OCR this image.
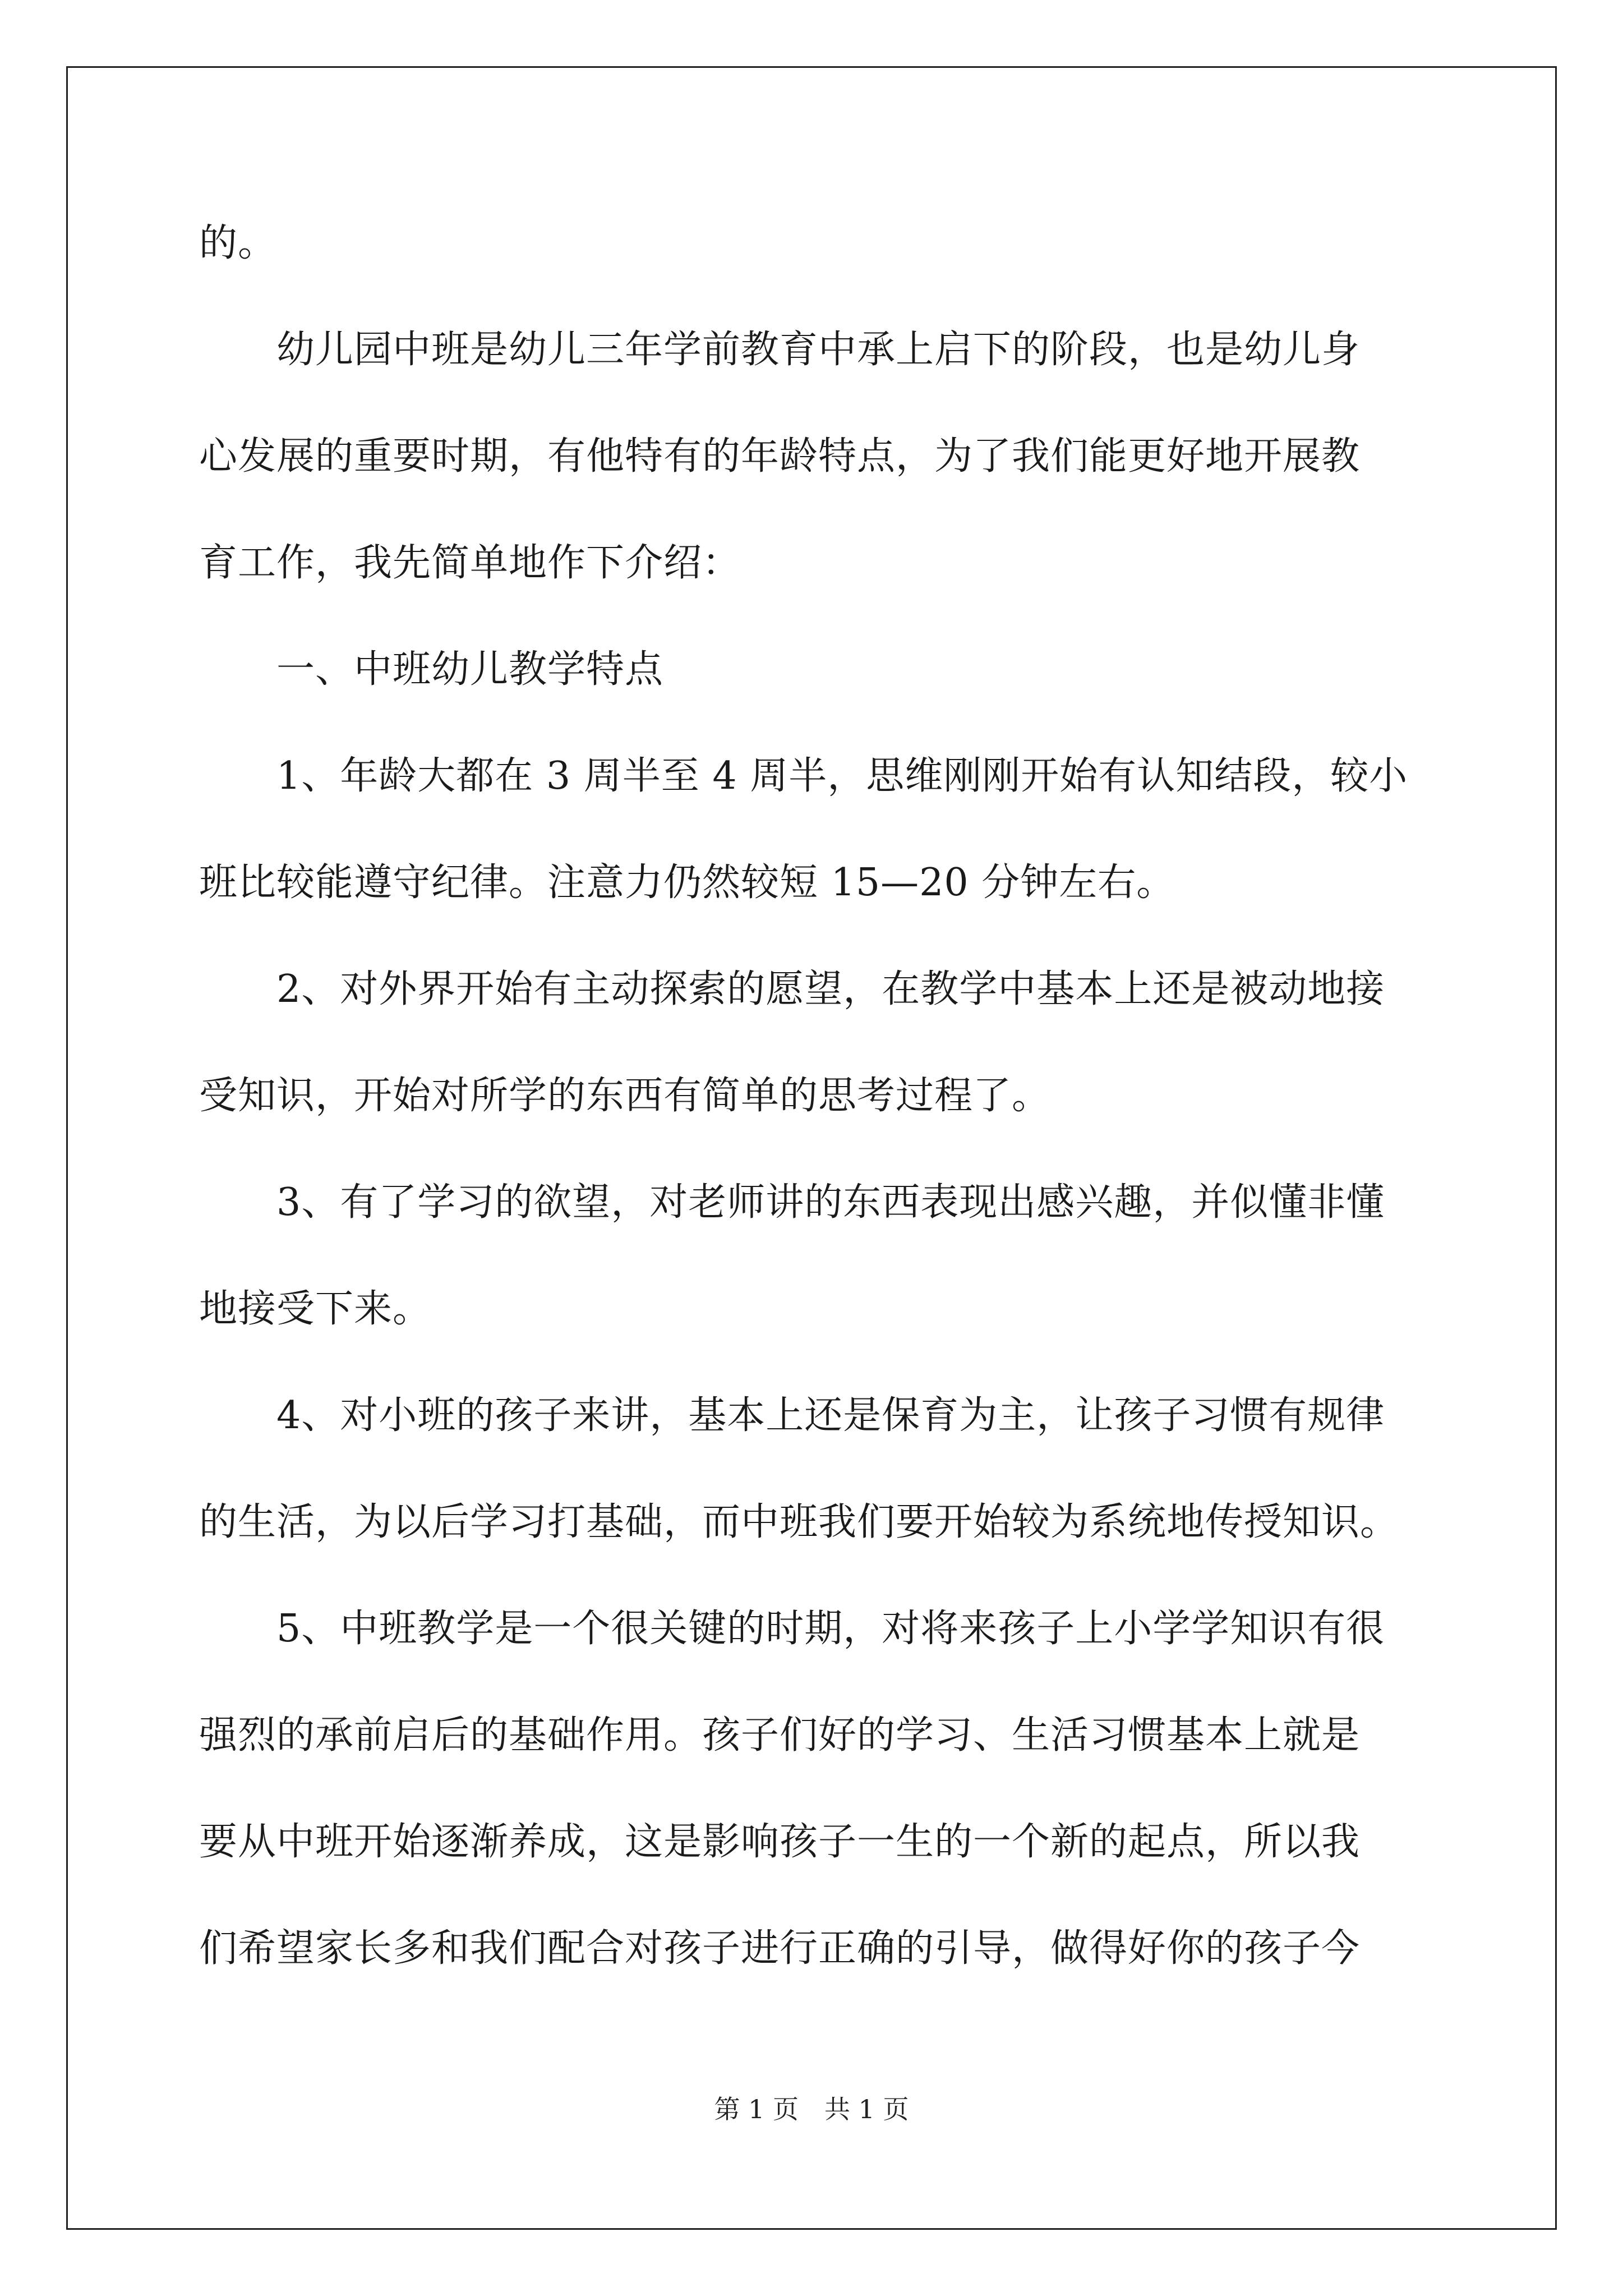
的。
　　幼儿园中班是幼儿三年学前教育中承上启下的阶段，也是幼儿身
心发展的重要时期，有他特有的年龄特点，为了我们能更好地开展教
育工作，我先简单地作下介绍：
　　一、中班幼儿教学特点
　　1、年龄大都在 3 周半至 4 周半，思维刚刚开始有认知结段，较小
班比较能遵守纪律。注意力仍然较短 15—20 分钟左右。
　　2、对外界开始有主动探索的愿望，在教学中基本上还是被动地接
受知识，开始对所学的东西有简单的思考过程了。
　　3、有了学习的欲望，对老师讲的东西表现出感兴趣，并似懂非懂
地接受下来。
　　4、对小班的孩子来讲，基本上还是保育为主，让孩子习惯有规律
的生活，为以后学习打基础，而中班我们要开始较为系统地传授知识。
　　5、中班教学是一个很关键的时期，对将来孩子上小学学知识有很
强烈的承前启后的基础作用。孩子们好的学习、生活习惯基本上就是
要从中班开始逐渐养成，这是影响孩子一生的一个新的起点，所以我
们希望家长多和我们配合对孩子进行正确的引导，做得好你的孩子今
第 1 页　共 1 页
